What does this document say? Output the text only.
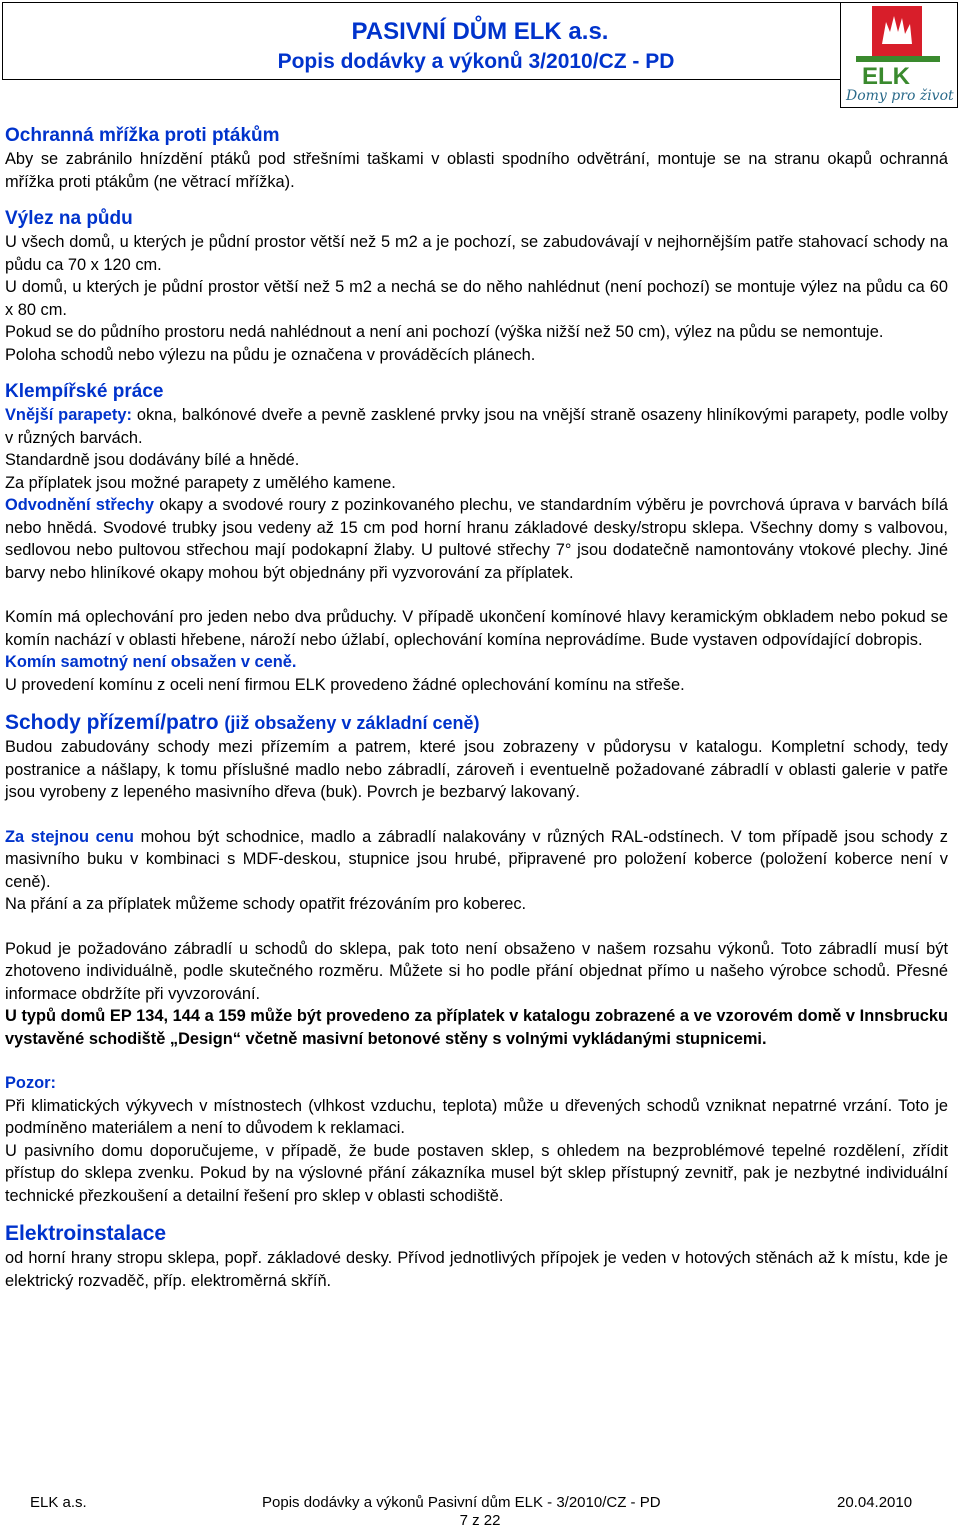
PASIVNÍ DŮM ELK a.s.
Popis dodávky a výkonů 3/2010/CZ - PD
ELK
Domy pro život
Ochranná mřížka proti ptákům

Aby se zabránilo hnízdění ptáků pod střešními taškami v oblasti spodního odvětrání, montuje se na stranu okapů ochranná mřížka proti ptákům (ne větrací mřížka).

Výlez na půdu

U všech domů, u kterých je půdní prostor větší než 5 m2 a je pochozí, se zabudovávají v nejhornějším patře stahovací schody na půdu ca 70 x 120 cm.

U domů, u kterých je půdní prostor větší než 5 m2 a nechá se do něho nahlédnut (není pochozí) se montuje výlez na půdu ca 60 x 80 cm.

Pokud se do půdního prostoru nedá nahlédnout a není ani pochozí (výška nižší než 50 cm), výlez na půdu se nemontuje.

Poloha schodů nebo výlezu na půdu je označena v prováděcích plánech.

Klempířské práce

Vnější parapety: okna, balkónové dveře a pevně zasklené prvky jsou na vnější straně osazeny hliníkovými parapety, podle volby v různých barvách.

Standardně jsou dodávány bílé a hnědé.

Za příplatek jsou možné parapety z umělého kamene.

Odvodnění střechy okapy a svodové roury z pozinkovaného plechu, ve standardním výběru je povrchová úprava v barvách bílá nebo hnědá. Svodové trubky jsou vedeny až 15 cm pod horní hranu základové desky/stropu sklepa. Všechny domy s valbovou, sedlovou nebo pultovou střechou mají podokapní žlaby. U pultové střechy 7° jsou dodatečně namontovány vtokové plechy. Jiné barvy nebo hliníkové okapy mohou být objednány při vyzvorování za příplatek.

Komín má oplechování pro jeden nebo dva průduchy. V případě ukončení komínové hlavy keramickým obkladem nebo pokud se komín nachází v oblasti hřebene, nároží nebo úžlabí, oplechování komína neprovádíme. Bude vystaven odpovídající dobropis.

Komín samotný není obsažen v ceně.

U provedení komínu z oceli není firmou ELK provedeno žádné oplechování komínu na střeše.

Schody přízemí/patro (již obsaženy v základní ceně)

Budou zabudovány schody mezi přízemím a patrem, které jsou zobrazeny v půdorysu v katalogu. Kompletní schody, tedy postranice a nášlapy, k tomu příslušné madlo nebo zábradlí, zároveň i eventuelně požadované zábradlí v oblasti galerie v patře jsou vyrobeny z lepeného masivního dřeva (buk). Povrch je bezbarvý lakovaný.

Za stejnou cenu mohou být schodnice, madlo a zábradlí nalakovány v různých RAL-odstínech. V tom případě jsou schody z masivního buku v kombinaci s MDF-deskou, stupnice jsou hrubé, připravené pro položení koberce (položení koberce není v ceně).

Na přání a za příplatek můžeme schody opatřit frézováním pro koberec.

Pokud je požadováno zábradlí u schodů do sklepa, pak toto není obsaženo v našem rozsahu výkonů. Toto zábradlí musí být zhotoveno individuálně, podle skutečného rozměru. Můžete si ho podle přání objednat přímo u našeho výrobce schodů. Přesné informace obdržíte při vyvzorování.

U typů domů EP 134, 144 a 159 může být provedeno za příplatek v katalogu zobrazené a ve vzorovém domě v Innsbrucku vystavěné schodiště „Design“ včetně masivní betonové stěny s volnými vykládanými stupnicemi.

Pozor:

Při klimatických výkyvech v místnostech (vlhkost vzduchu, teplota) může u dřevených schodů vzniknat nepatrné vrzání. Toto je podmíněno materiálem a není to důvodem k reklamaci.

U pasivního domu doporučujeme, v případě, že bude postaven sklep, s ohledem na bezproblémové tepelné rozdělení, zřídit přístup do sklepa zvenku. Pokud by na výslovné přání zákazníka musel být sklep přístupný zevnitř, pak je nezbytné individuální technické přezkoušení a detailní řešení pro sklep v oblasti schodiště.

Elektroinstalace

od horní hrany stropu sklepa, popř. základové desky. Přívod jednotlivých přípojek je veden v hotových stěnách až k místu, kde je elektrický rozvaděč, příp. elektroměrná skříň.

ELK a.s.	Popis dodávky a výkonů Pasivní dům ELK - 3/2010/CZ - PD	20.04.2010
7 z 22
